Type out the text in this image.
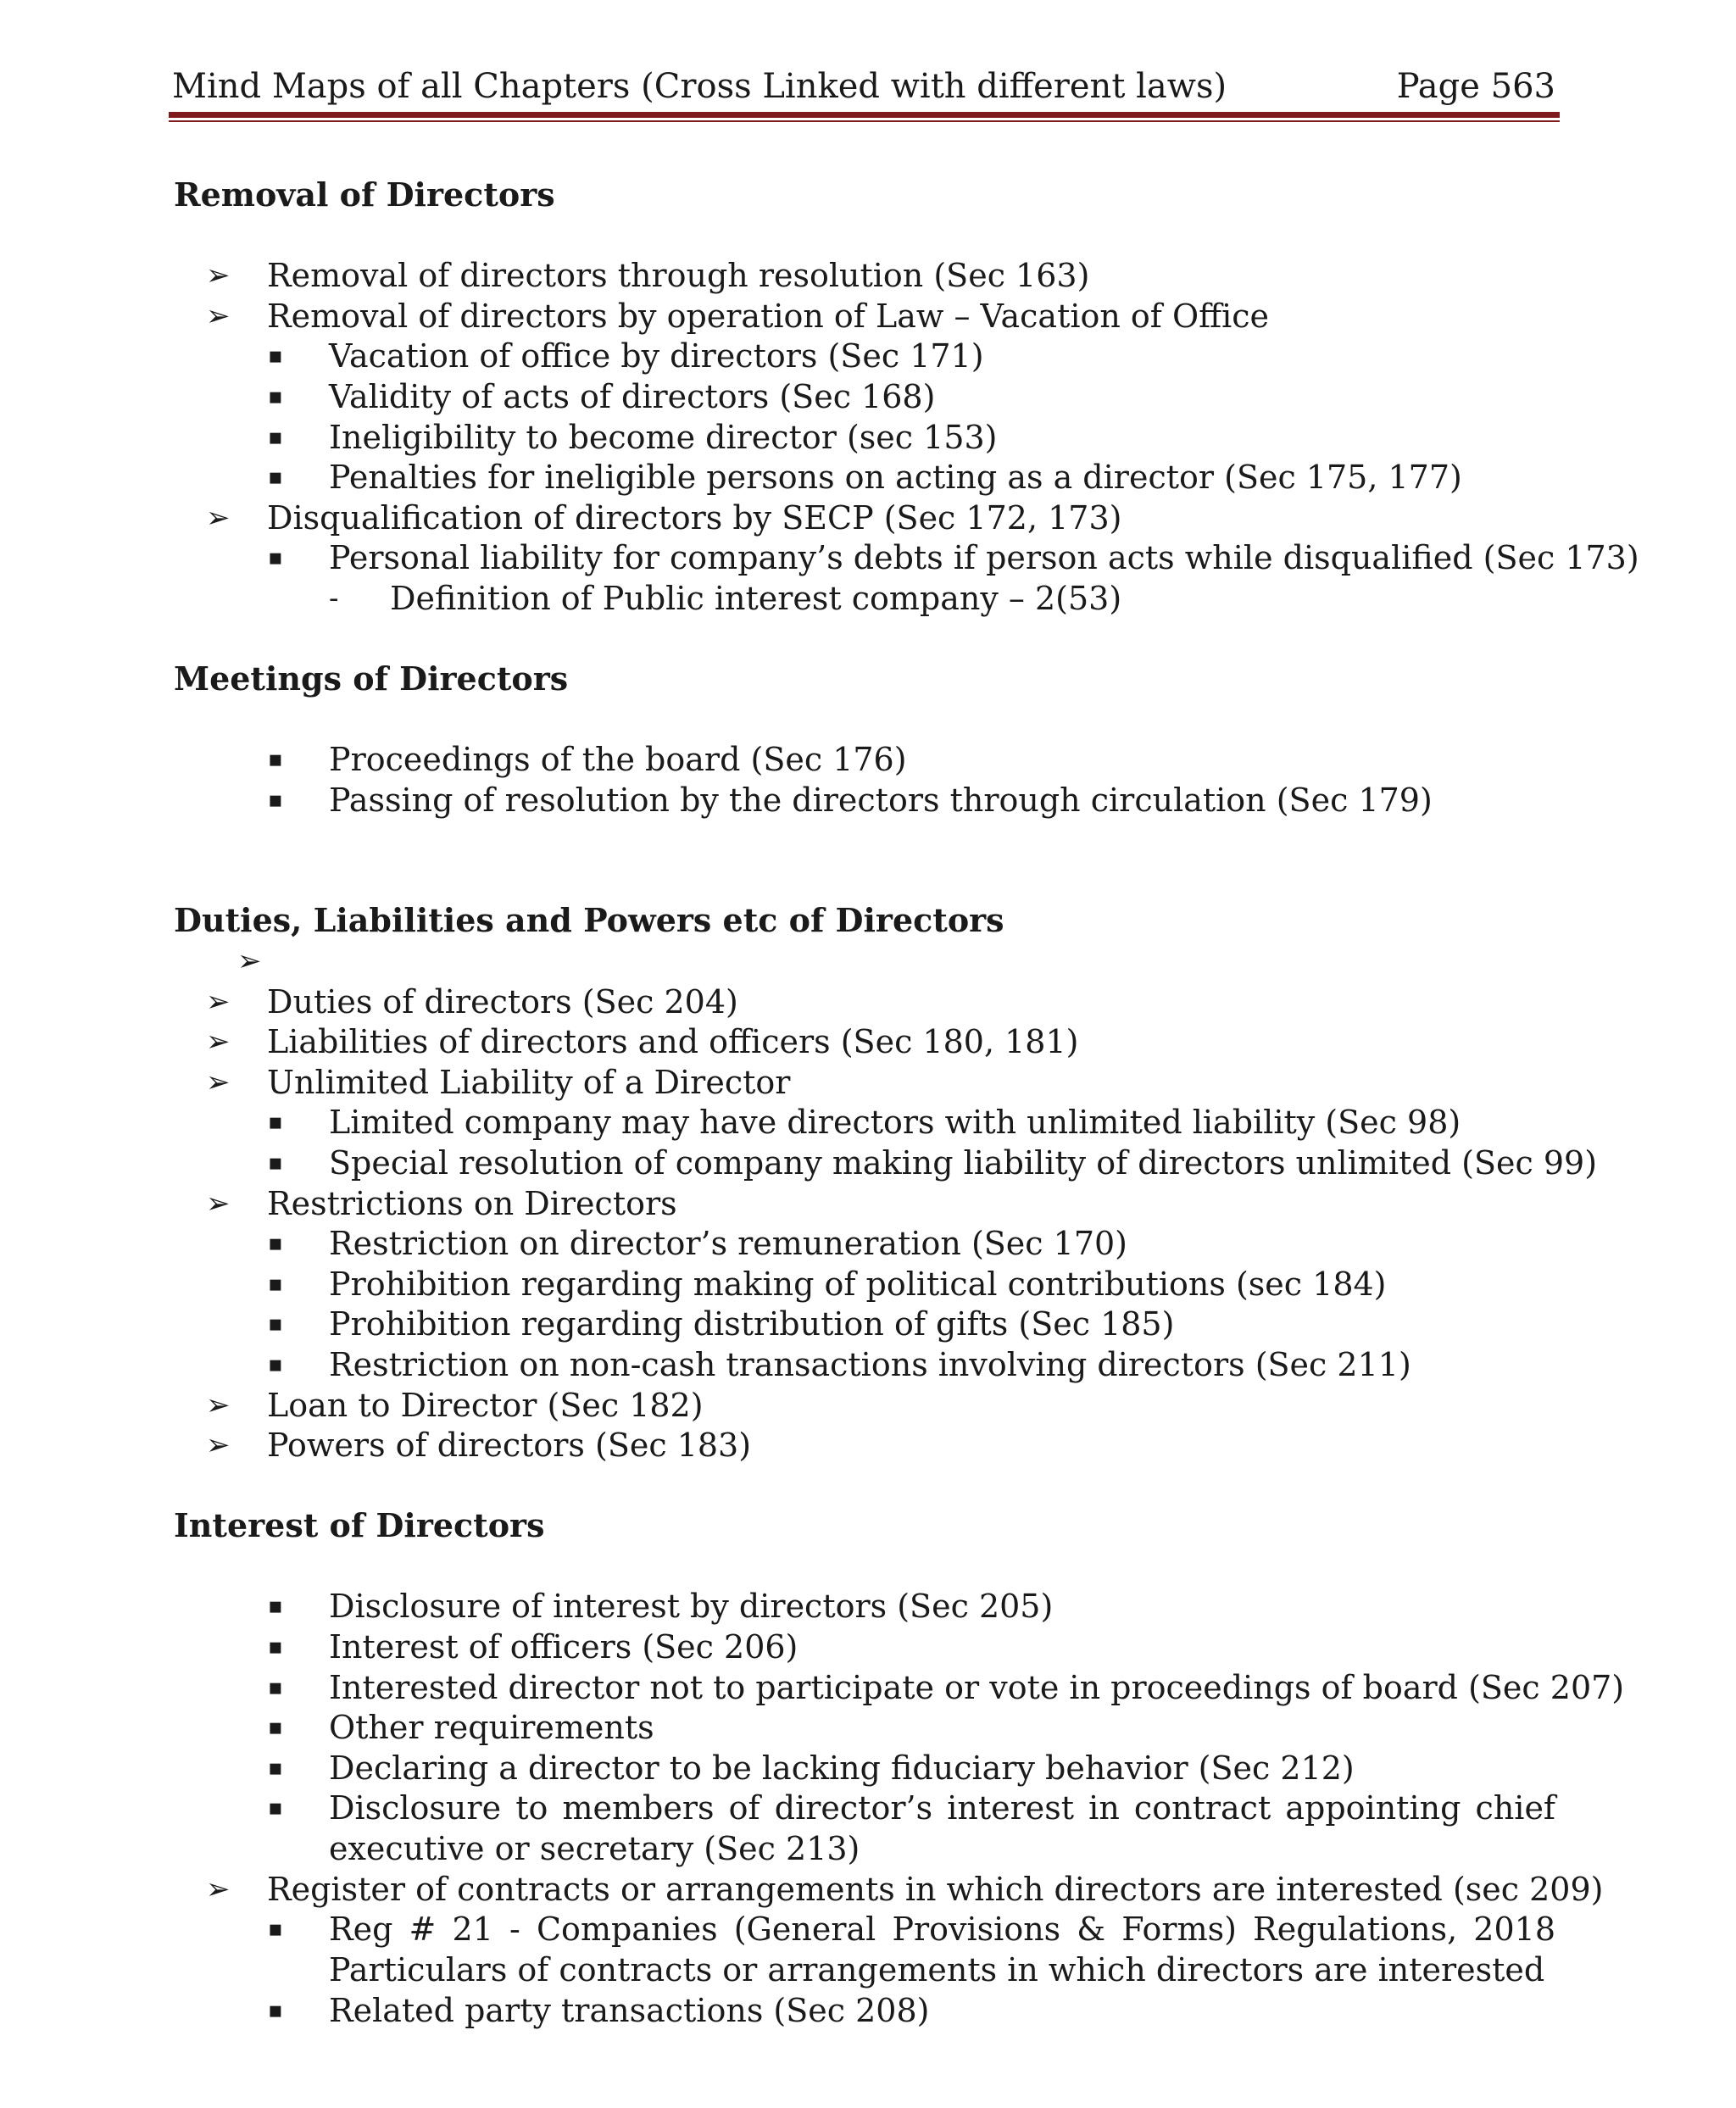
Mind Maps of all Chapters (Cross Linked with different laws)	Page 563
Removal of Directors
➢ Removal of directors through resolution (Sec 163)
➢ Removal of directors by operation of Law – Vacation of Office
▪ Vacation of office by directors (Sec 171)
▪ Validity of acts of directors (Sec 168)
▪ Ineligibility to become director (sec 153)
▪ Penalties for ineligible persons on acting as a director (Sec 175, 177)
➢ Disqualification of directors by SECP (Sec 172, 173)
▪ Personal liability for company’s debts if person acts while disqualified (Sec 173)
- Definition of Public interest company – 2(53)
Meetings of Directors
▪ Proceedings of the board (Sec 176)
▪ Passing of resolution by the directors through circulation (Sec 179)
Duties, Liabilities and Powers etc of Directors
➢
➢ Duties of directors (Sec 204)
➢ Liabilities of directors and officers (Sec 180, 181)
➢ Unlimited Liability of a Director
▪ Limited company may have directors with unlimited liability (Sec 98)
▪ Special resolution of company making liability of directors unlimited (Sec 99)
➢ Restrictions on Directors
▪ Restriction on director’s remuneration (Sec 170)
▪ Prohibition regarding making of political contributions (sec 184)
▪ Prohibition regarding distribution of gifts (Sec 185)
▪ Restriction on non-cash transactions involving directors (Sec 211)
➢ Loan to Director (Sec 182)
➢ Powers of directors (Sec 183)
Interest of Directors
▪ Disclosure of interest by directors (Sec 205)
▪ Interest of officers (Sec 206)
▪ Interested director not to participate or vote in proceedings of board (Sec 207)
▪ Other requirements
▪ Declaring a director to be lacking fiduciary behavior (Sec 212)
▪ Disclosure to members of director’s interest in contract appointing chief executive or secretary (Sec 213)
➢ Register of contracts or arrangements in which directors are interested (sec 209)
▪ Reg # 21 - Companies (General Provisions & Forms) Regulations, 2018 Particulars of contracts or arrangements in which directors are interested
▪ Related party transactions (Sec 208)
